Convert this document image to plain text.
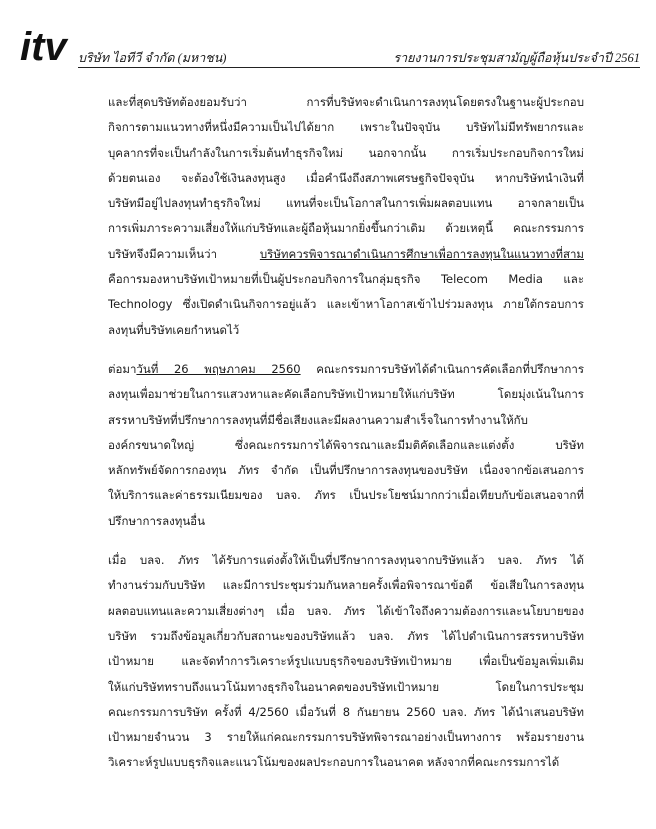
itv บริษัท ไอทีวี จำกัด (มหาชน)	รายงานการประชุมสามัญผู้ถือหุ้นประจำปี 2561
และที่สุดบริษัทต้องยอมรับว่า การที่บริษัทจะดำเนินการลงทุนโดยตรงในฐานะผู้ประกอบ
กิจการตามแนวทางที่หนึ่งมีความเป็นไปได้ยาก เพราะในปัจจุบัน บริษัทไม่มีทรัพยากรและ
บุคลากรที่จะเป็นกำลังในการเริ่มต้นทำธุรกิจใหม่ นอกจากนั้น การเริ่มประกอบกิจการใหม่
ด้วยตนเอง จะต้องใช้เงินลงทุนสูง เมื่อคำนึงถึงสภาพเศรษฐกิจปัจจุบัน หากบริษัทนำเงินที่
บริษัทมีอยู่ไปลงทุนทำธุรกิจใหม่ แทนที่จะเป็นโอกาสในการเพิ่มผลตอบแทน อาจกลายเป็น
การเพิ่มภาระความเสี่ยงให้แก่บริษัทและผู้ถือหุ้นมากยิ่งขึ้นกว่าเดิม ด้วยเหตุนี้ คณะกรรมการ
บริษัทจึงมีความเห็นว่า บริษัทควรพิจารณาดำเนินการศึกษาเพื่อการลงทุนในแนวทางที่สาม
คือการมองหาบริษัทเป้าหมายที่เป็นผู้ประกอบกิจการในกลุ่มธุรกิจ Telecom Media และ
Technology ซึ่งเปิดดำเนินกิจการอยู่แล้ว และเข้าหาโอกาสเข้าไปร่วมลงทุน ภายใต้กรอบการ
ลงทุนที่บริษัทเคยกำหนดไว้
ต่อมาวันที่ 26 พฤษภาคม 2560 คณะกรรมการบริษัทได้ดำเนินการคัดเลือกที่ปรึกษาการ
ลงทุนเพื่อมาช่วยในการแสวงหาและคัดเลือกบริษัทเป้าหมายให้แก่บริษัท โดยมุ่งเน้นในการ
สรรหาบริษัทที่ปรึกษาการลงทุนที่มีชื่อเสียงและมีผลงานความสำเร็จในการทำงานให้กับ
องค์กรขนาดใหญ่ ซึ่งคณะกรรมการได้พิจารณาและมีมติคัดเลือกและแต่งตั้ง บริษัท
หลักทรัพย์จัดการกองทุน ภัทร จำกัด เป็นที่ปรึกษาการลงทุนของบริษัท เนื่องจากข้อเสนอการ
ให้บริการและค่าธรรมเนียมของ บลจ. ภัทร เป็นประโยชน์มากกว่าเมื่อเทียบกับข้อเสนอจากที่
ปรึกษาการลงทุนอื่น
เมื่อ บลจ. ภัทร ได้รับการแต่งตั้งให้เป็นที่ปรึกษาการลงทุนจากบริษัทแล้ว บลจ. ภัทร ได้
ทำงานร่วมกับบริษัท และมีการประชุมร่วมกันหลายครั้งเพื่อพิจารณาข้อดี ข้อเสียในการลงทุน
ผลตอบแทนและความเสี่ยงต่างๆ เมื่อ บลจ. ภัทร ได้เข้าใจถึงความต้องการและนโยบายของ
บริษัท รวมถึงข้อมูลเกี่ยวกับสถานะของบริษัทแล้ว บลจ. ภัทร ได้ไปดำเนินการสรรหาบริษัท
เป้าหมาย และจัดทำการวิเคราะห์รูปแบบธุรกิจของบริษัทเป้าหมาย เพื่อเป็นข้อมูลเพิ่มเติม
ให้แก่บริษัททราบถึงแนวโน้มทางธุรกิจในอนาคตของบริษัทเป้าหมาย โดยในการประชุม
คณะกรรมการบริษัท ครั้งที่ 4/2560 เมื่อวันที่ 8 กันยายน 2560 บลจ. ภัทร ได้นำเสนอบริษัท
เป้าหมายจำนวน 3 รายให้แก่คณะกรรมการบริษัทพิจารณาอย่างเป็นทางการ พร้อมรายงาน
วิเคราะห์รูปแบบธุรกิจและแนวโน้มของผลประกอบการในอนาคต หลังจากที่คณะกรรมการได้
